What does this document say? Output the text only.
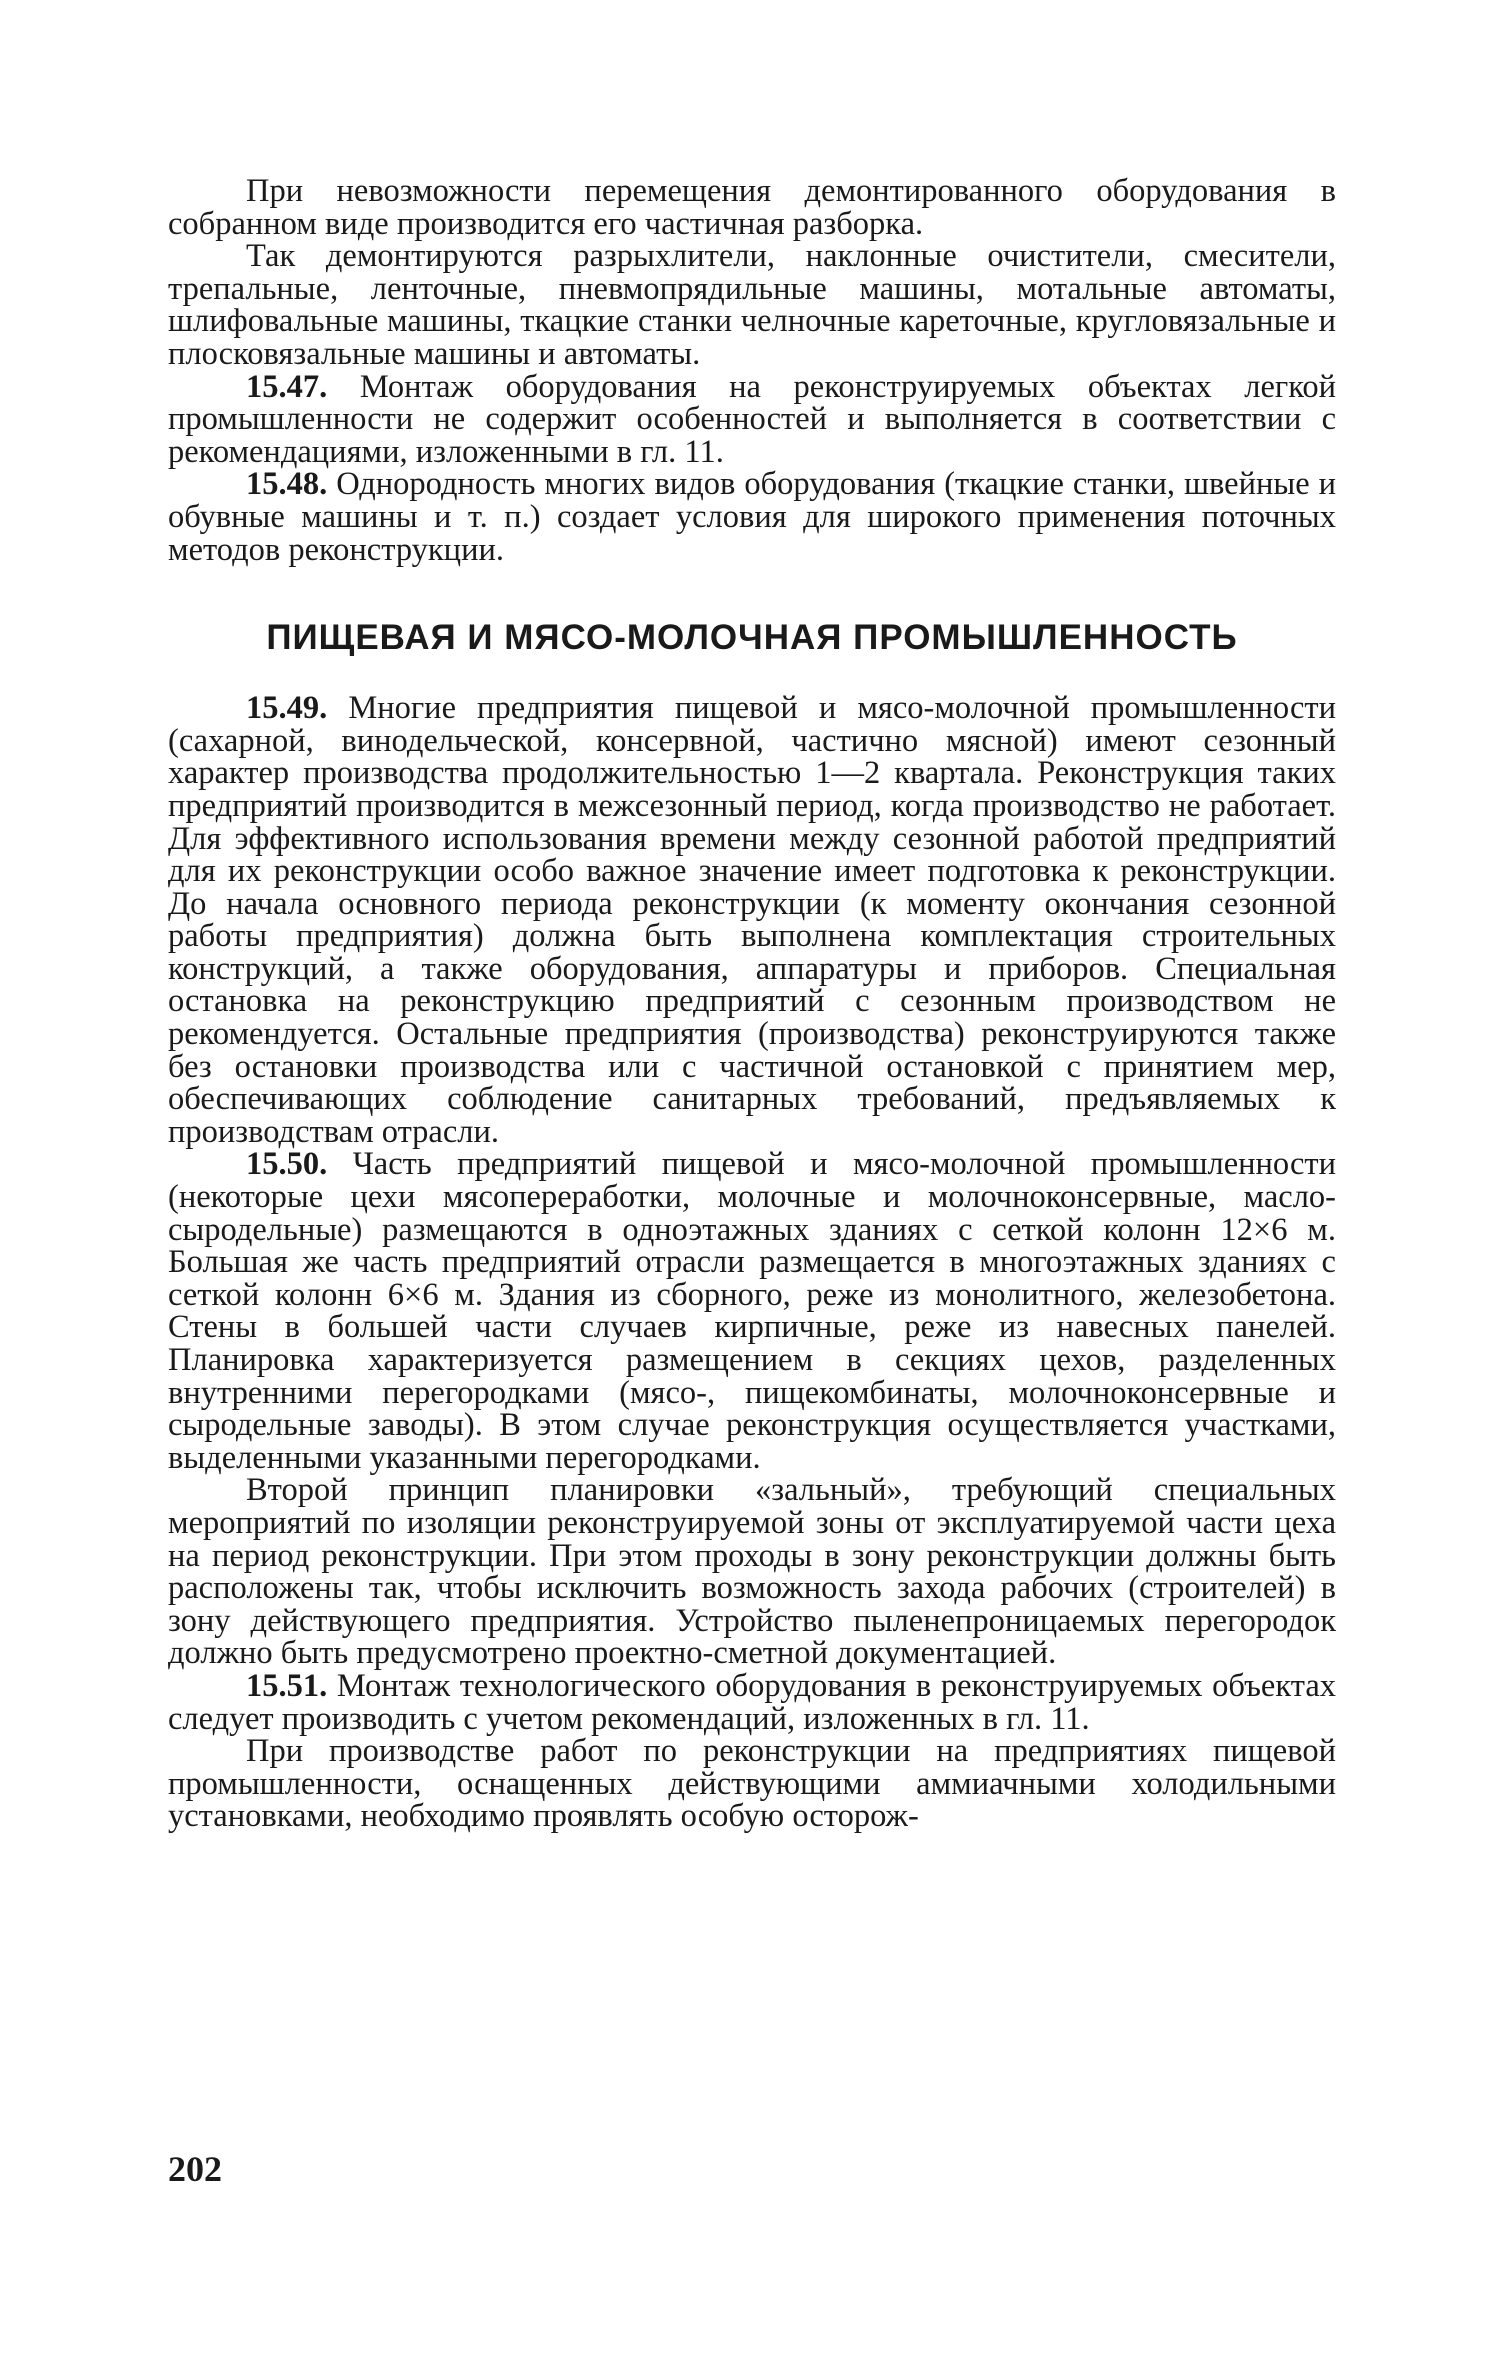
При невозможности перемещения демонтированного оборудования в собранном виде производится его частичная разборка.

Так демонтируются разрыхлители, наклонные очистители, смесители, трепальные, ленточные, пневмопрядильные машины, мотальные автоматы, шлифовальные машины, ткацкие станки челночные кареточные, кругловязальные и плосковязальные машины и автоматы.

15.47. Монтаж оборудования на реконструируемых объектах легкой промышленности не содержит особенностей и выполняется в соответствии с рекомендациями, изложенными в гл. 11.

15.48. Однородность многих видов оборудования (ткацкие станки, швейные и обувные машины и т. п.) создает условия для широкого применения поточных методов реконструкции.

ПИЩЕВАЯ И МЯСО-МОЛОЧНАЯ ПРОМЫШЛЕННОСТЬ

15.49. Многие предприятия пищевой и мясо-молочной промышленности (сахарной, винодельческой, консервной, частично мясной) имеют сезонный характер производства продолжительностью 1—2 квартала. Реконструкция таких предприятий производится в межсезонный период, когда производство не работает. Для эффективного использования времени между сезонной работой предприятий для их реконструкции особо важное значение имеет подготовка к реконструкции. До начала основного периода реконструкции (к моменту окончания сезонной работы предприятия) должна быть выполнена комплектация строительных конструкций, а также оборудования, аппаратуры и приборов. Специальная остановка на реконструкцию предприятий с сезонным производством не рекомендуется. Остальные предприятия (производства) реконструируются также без остановки производства или с частичной остановкой с принятием мер, обеспечивающих соблюдение санитарных требований, предъявляемых к производствам отрасли.

15.50. Часть предприятий пищевой и мясо-молочной промышленности (некоторые цехи мясопереработки, молочные и молочноконсервные, масло-сыродельные) размещаются в одноэтажных зданиях с сеткой колонн 12×6 м. Большая же часть предприятий отрасли размещается в многоэтажных зданиях с сеткой колонн 6×6 м. Здания из сборного, реже из монолитного, железобетона. Стены в большей части случаев кирпичные, реже из навесных панелей. Планировка характеризуется размещением в секциях цехов, разделенных внутренними перегородками (мясо-, пищекомбинаты, молочноконсервные и сыродельные заводы). В этом случае реконструкция осуществляется участками, выделенными указанными перегородками.

Второй принцип планировки «зальный», требующий специальных мероприятий по изоляции реконструируемой зоны от эксплуатируемой части цеха на период реконструкции. При этом проходы в зону реконструкции должны быть расположены так, чтобы исключить возможность захода рабочих (строителей) в зону действующего предприятия. Устройство пыленепроницаемых перегородок должно быть предусмотрено проектно-сметной документацией.

15.51. Монтаж технологического оборудования в реконструируемых объектах следует производить с учетом рекомендаций, изложенных в гл. 11.

При производстве работ по реконструкции на предприятиях пищевой промышленности, оснащенных действующими аммиачными холодильными установками, необходимо проявлять особую осторож-

202
